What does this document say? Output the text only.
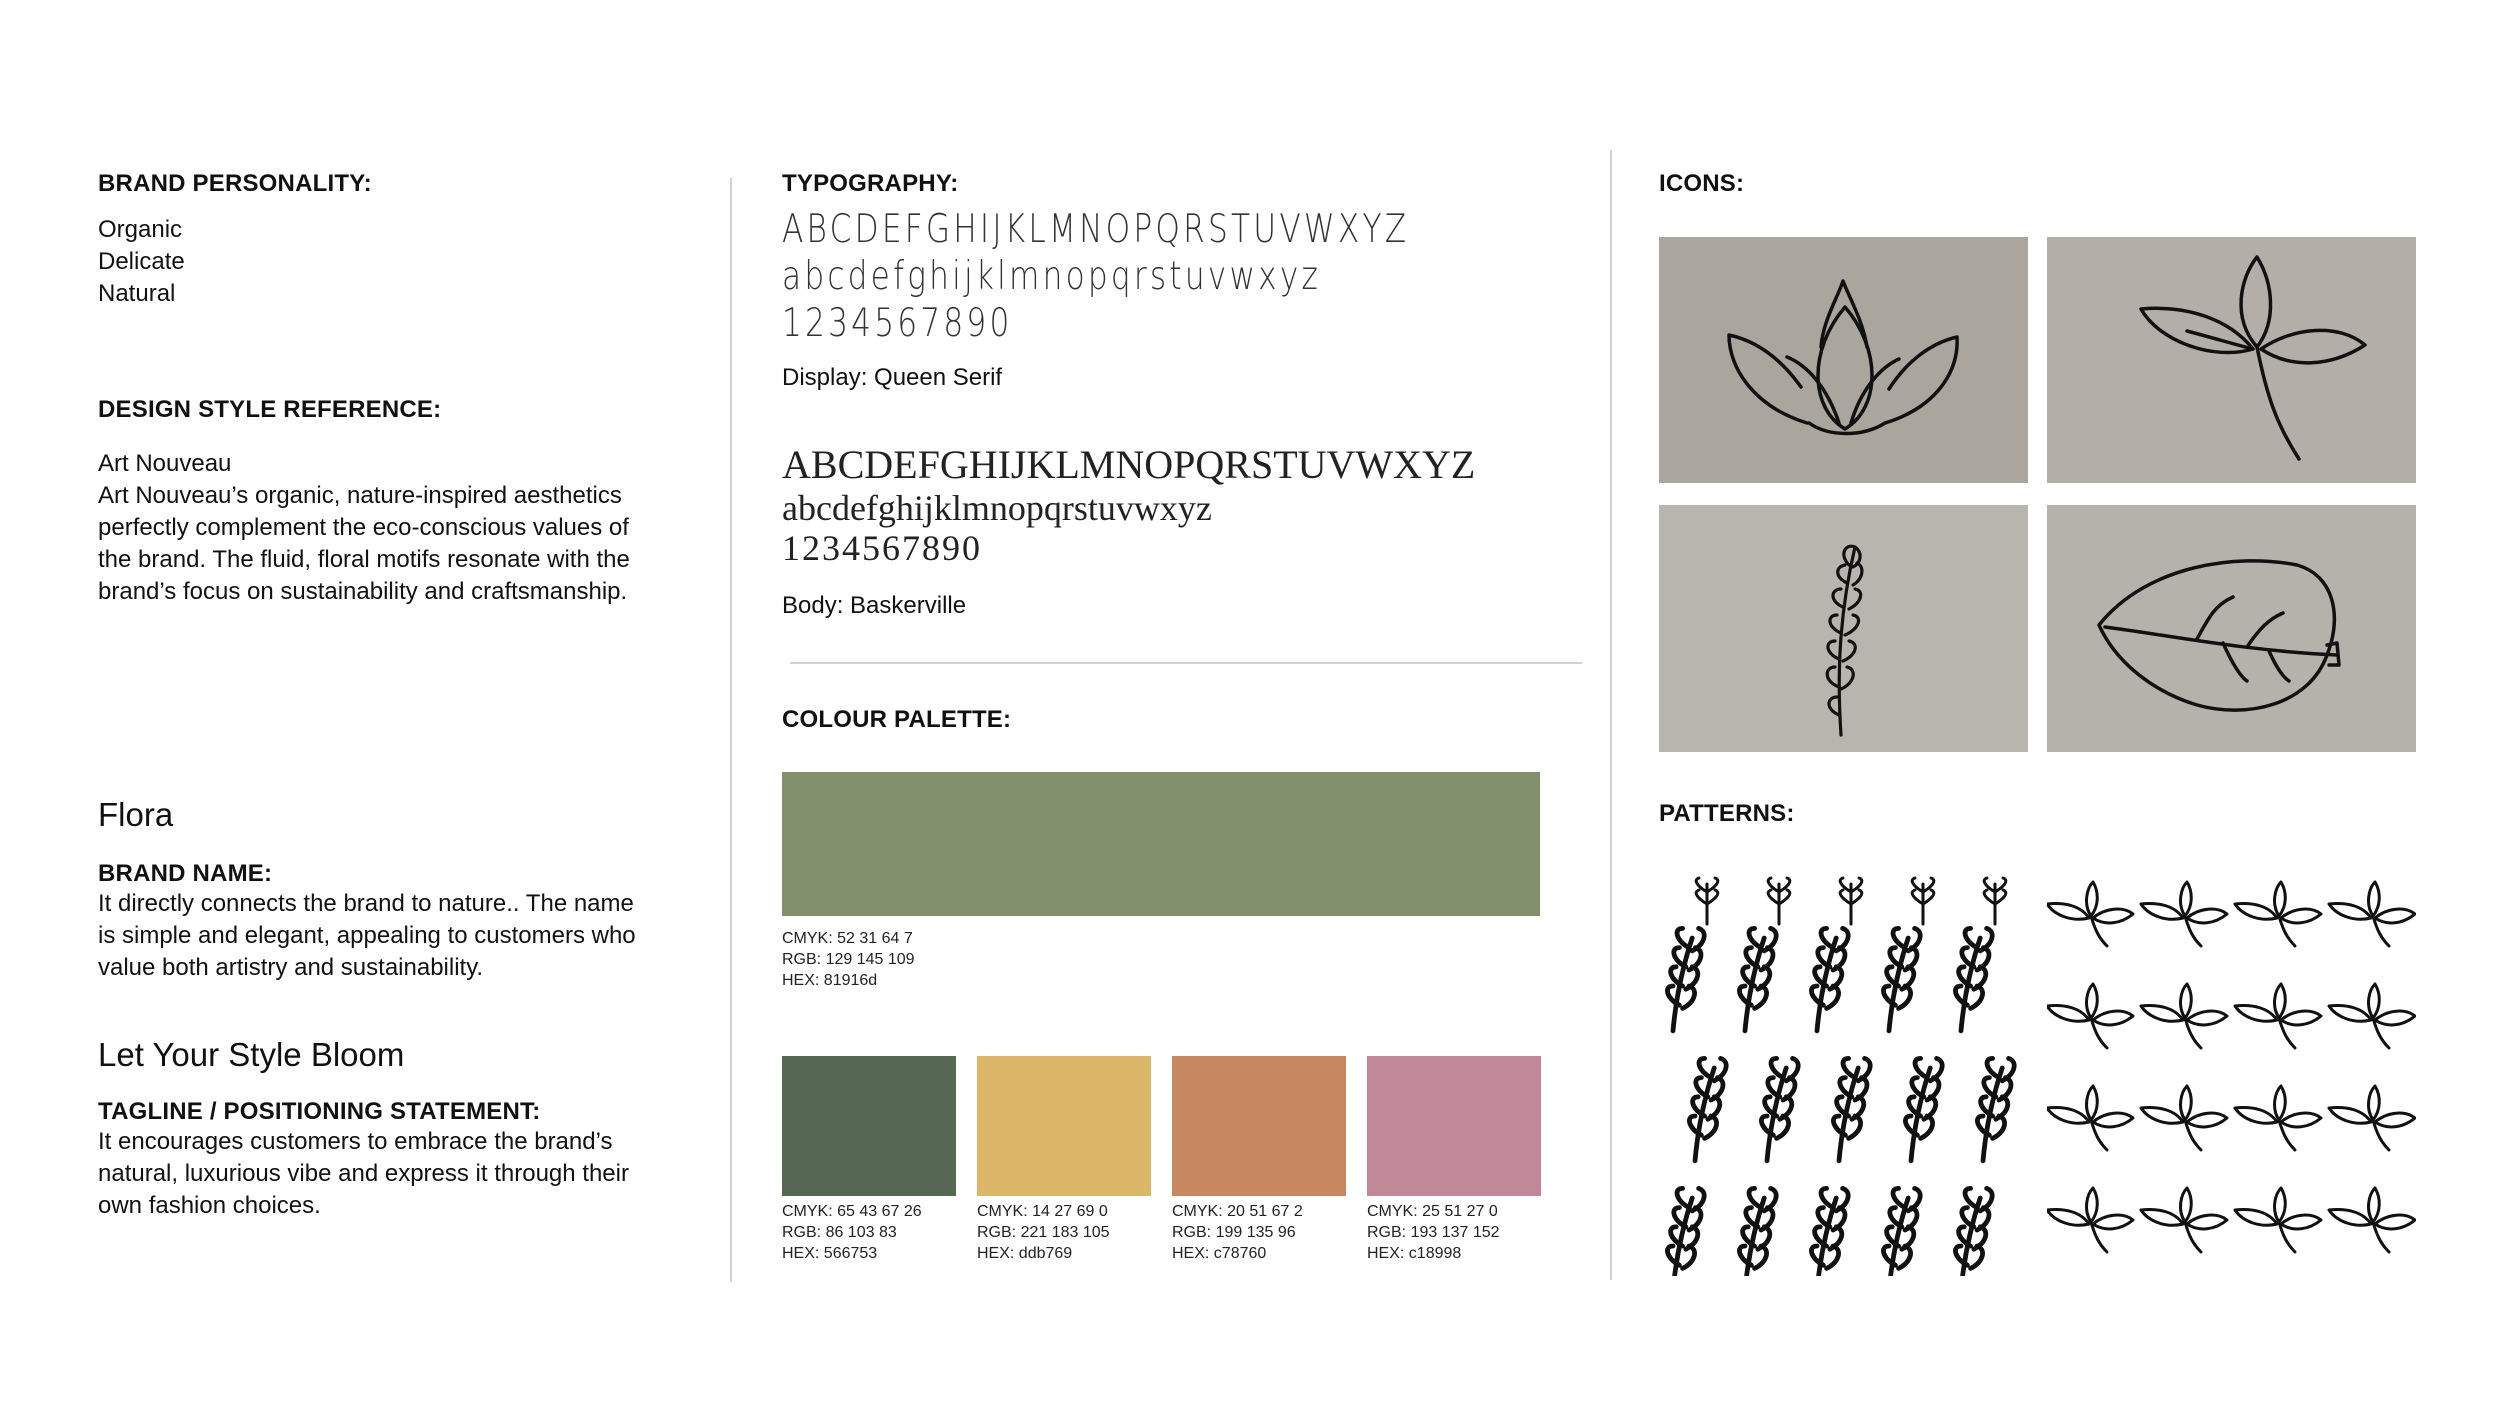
BRAND PERSONALITY:
Organic
Delicate
Natural
DESIGN STYLE REFERENCE:
Art Nouveau
Art Nouveau’s organic, nature-inspired aesthetics
perfectly complement the eco-conscious values of
the brand. The fluid, floral motifs resonate with the
brand’s focus on sustainability and craftsmanship.
Flora
BRAND NAME:
It directly connects the brand to nature.. The name
is simple and elegant, appealing to customers who
value both artistry and sustainability.
Let Your Style Bloom
TAGLINE / POSITIONING STATEMENT:
It encourages customers to embrace the brand’s
natural, luxurious vibe and express it through their
own fashion choices.
TYPOGRAPHY:
ABCDEFGHIJKLMNOPQRSTUVWXYZ
abcdefghijklmnopqrstuvwxyz
1234567890
Display: Queen Serif
ABCDEFGHIJKLMNOPQRSTUVWXYZ
abcdefghijklmnopqrstuvwxyz
1234567890
Body: Baskerville
COLOUR PALETTE:
CMYK: 52 31 64 7
RGB: 129 145 109
HEX: 81916d
CMYK: 65 43 67 26
RGB: 86 103 83
HEX: 566753
CMYK: 14 27 69 0
RGB: 221 183 105
HEX: ddb769
CMYK: 20 51 67 2
RGB: 199 135 96
HEX: c78760
CMYK: 25 51 27 0
RGB: 193 137 152
HEX: c18998
ICONS:
PATTERNS:
